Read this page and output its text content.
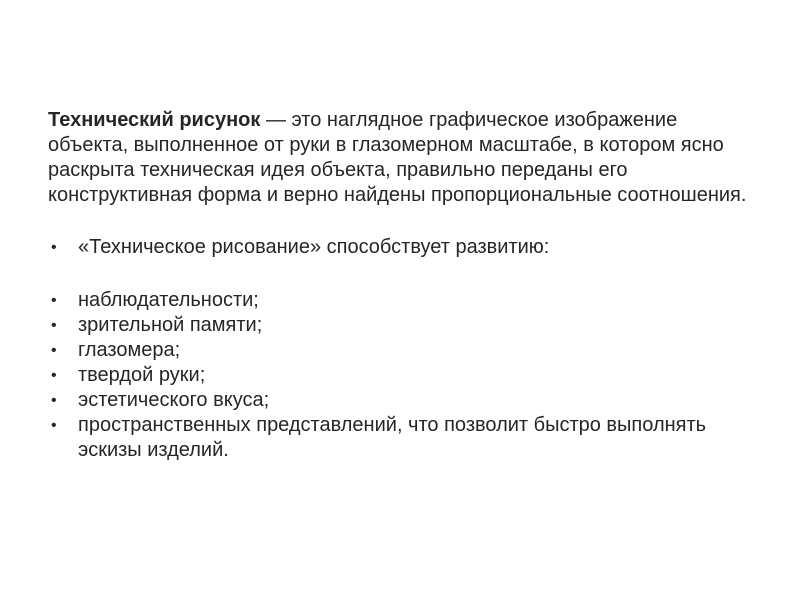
Технический рисунок — это наглядное графическое изображение объекта, выполненное от руки в глазомерном масштабе, в котором ясно раскрыта техническая идея объекта, правильно переданы его конструктивная форма и верно найдены пропорциональные соотношения.

• «Техническое рисование» способствует развитию:
• наблюдательности;
• зрительной памяти;
• глазомера;
• твердой руки;
• эстетического вкуса;
• пространственных представлений, что позволит быстро выполнять эскизы изделий.
